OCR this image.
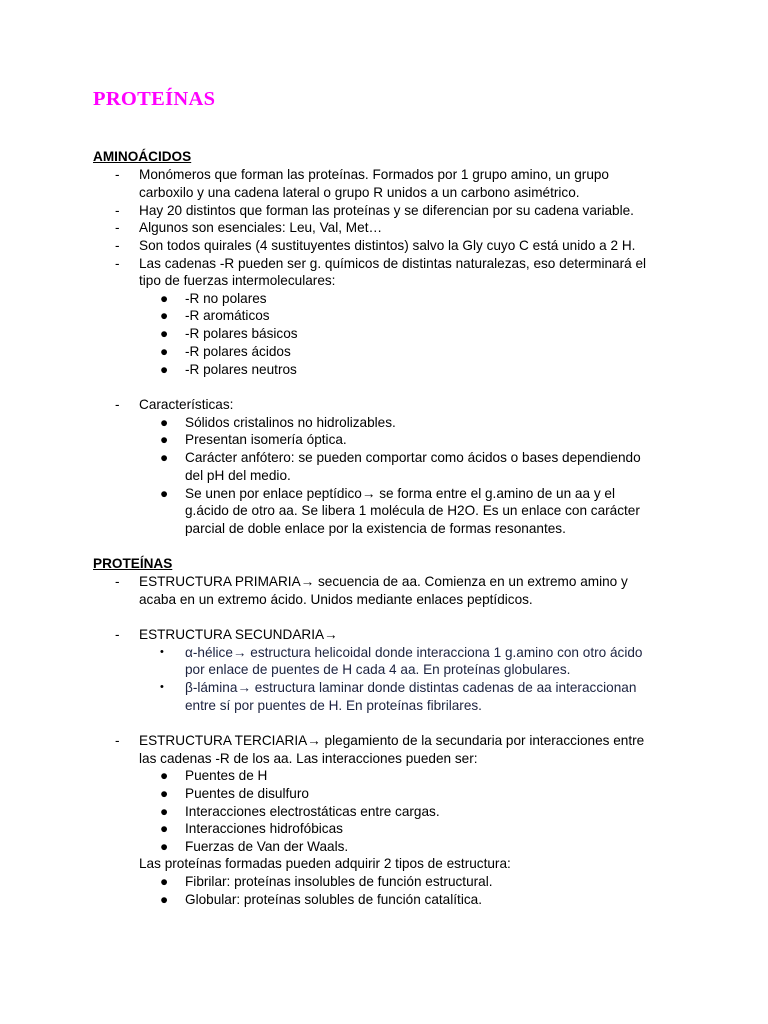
PROTEÍNAS
AMINOÁCIDOS
- Monómeros que forman las proteínas. Formados por 1 grupo amino, un grupo
carboxilo y una cadena lateral o grupo R unidos a un carbono asimétrico.
- Hay 20 distintos que forman las proteínas y se diferencian por su cadena variable.
- Algunos son esenciales: Leu, Val, Met…
- Son todos quirales (4 sustituyentes distintos) salvo la Gly cuyo C está unido a 2 H.
- Las cadenas -R pueden ser g. químicos de distintas naturalezas, eso determinará el
tipo de fuerzas intermoleculares:
● -R no polares
● -R aromáticos
● -R polares básicos
● -R polares ácidos
● -R polares neutros
- Características:
● Sólidos cristalinos no hidrolizables.
● Presentan isomería óptica.
● Carácter anfótero: se pueden comportar como ácidos o bases dependiendo
del pH del medio.
● Se unen por enlace peptídico→ se forma entre el g.amino de un aa y el
g.ácido de otro aa. Se libera 1 molécula de H2O. Es un enlace con carácter
parcial de doble enlace por la existencia de formas resonantes.
PROTEÍNAS
- ESTRUCTURA PRIMARIA→ secuencia de aa. Comienza en un extremo amino y
acaba en un extremo ácido. Unidos mediante enlaces peptídicos.
- ESTRUCTURA SECUNDARIA→
• α-hélice→ estructura helicoidal donde interacciona 1 g.amino con otro ácido
por enlace de puentes de H cada 4 aa. En proteínas globulares.
• β-lámina→ estructura laminar donde distintas cadenas de aa interaccionan
entre sí por puentes de H. En proteínas fibrilares.
- ESTRUCTURA TERCIARIA→ plegamiento de la secundaria por interacciones entre
las cadenas -R de los aa. Las interacciones pueden ser:
● Puentes de H
● Puentes de disulfuro
● Interacciones electrostáticas entre cargas.
● Interacciones hidrofóbicas
● Fuerzas de Van der Waals.
Las proteínas formadas pueden adquirir 2 tipos de estructura:
● Fibrilar: proteínas insolubles de función estructural.
● Globular: proteínas solubles de función catalítica.
